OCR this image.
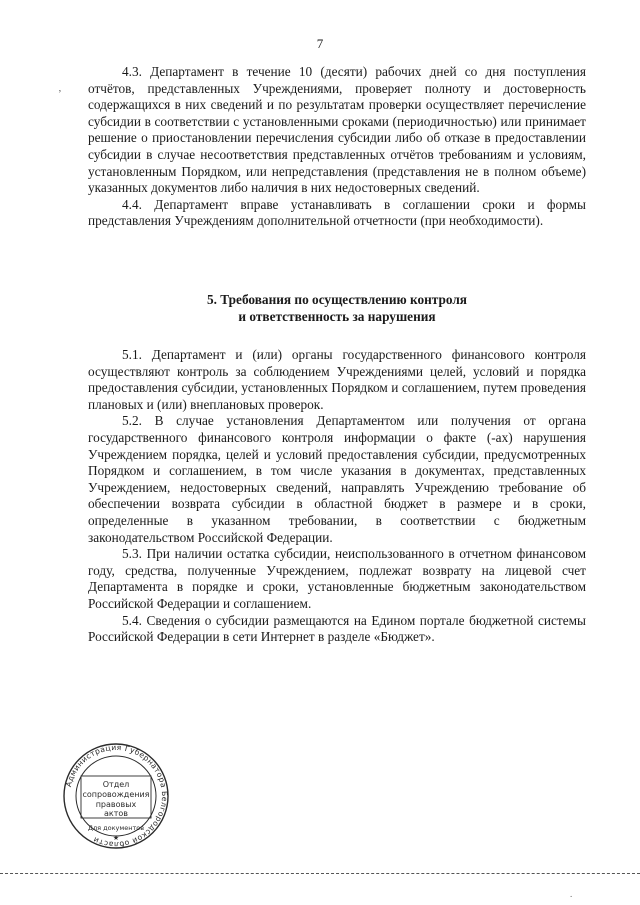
7
ʼ

4.3. Департамент в течение 10 (десяти) рабочих дней со дня поступления отчётов, представленных Учреждениями, проверяет полноту и достоверность содержащихся в них сведений и по результатам проверки осуществляет перечисление субсидии в соответствии с установленными сроками (периодичностью) или принимает решение о приостановлении перечисления субсидии либо об отказе в предоставлении субсидии в случае несоответствия представленных отчётов требованиям и условиям, установленным Порядком, или непредставления (представления не в полном объеме) указанных документов либо наличия в них недостоверных сведений.

4.4. Департамент вправе устанавливать в соглашении сроки и формы представления Учреждениям дополнительной отчетности (при необходимости).

5. Требования по осуществлению контроля
и ответственность за нарушения

5.1. Департамент и (или) органы государственного финансового контроля осуществляют контроль за соблюдением Учреждениями целей, условий и порядка предоставления субсидии, установленных Порядком и соглашением, путем проведения плановых и (или) внеплановых проверок.

5.2. В случае установления Департаментом или получения от органа государственного финансового контроля информации о факте (-ах) нарушения Учреждением порядка, целей и условий предоставления субсидии, предусмотренных Порядком и соглашением, в том числе указания в документах, представленных Учреждением, недостоверных сведений, направлять Учреждению требование об обеспечении возврата субсидии в областной бюджет в размере и в сроки, определенные в указанном требовании, в соответствии с бюджетным законодательством Российской Федерации.

5.3. При наличии остатка субсидии, неиспользованного в отчетном финансовом году, средства, полученные Учреждением, подлежат возврату на лицевой счет Департамента в порядке и сроки, установленные бюджетным законодательством Российской Федерации и соглашением.

5.4. Сведения о субсидии размещаются на Едином портале бюджетной системы Российской Федерации в сети Интернет в разделе «Бюджет».

Администрация Губернатора Белгородской области
Отдел
сопровождения
правовых
актов
Для документов
★
.
